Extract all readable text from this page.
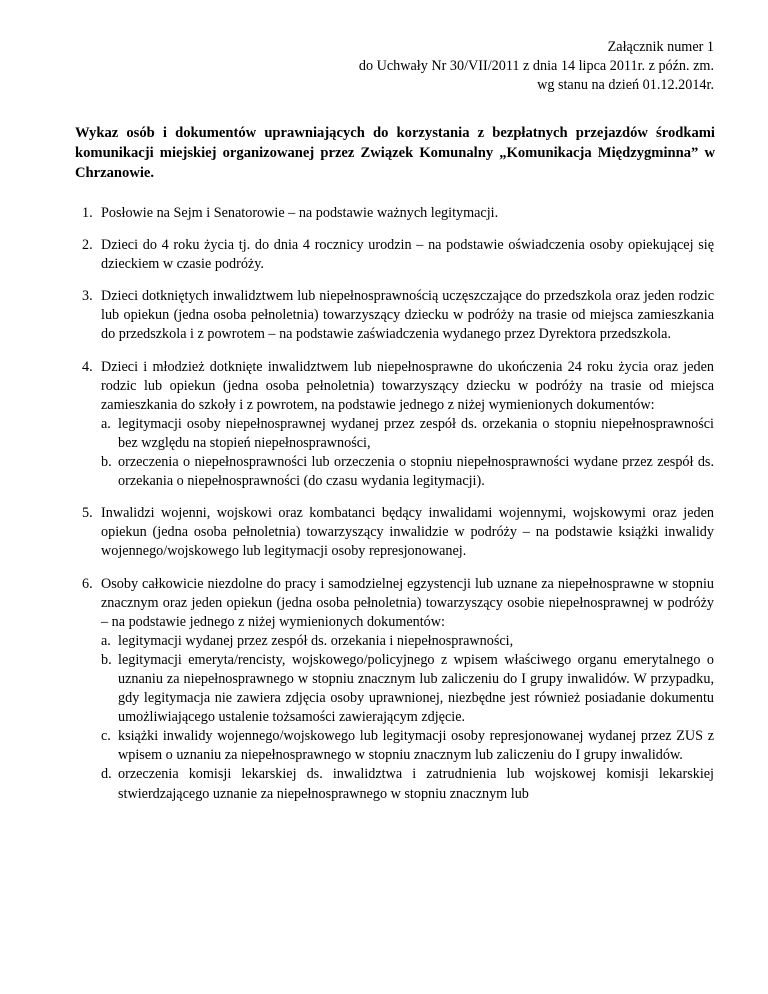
Załącznik numer 1
do Uchwały Nr 30/VII/2011 z dnia 14 lipca 2011r. z późn. zm.
wg stanu na dzień 01.12.2014r.
Wykaz osób i dokumentów uprawniających do korzystania z bezpłatnych przejazdów środkami komunikacji miejskiej organizowanej przez Związek Komunalny „Komunikacja Międzygminna” w Chrzanowie.
1. Posłowie na Sejm i Senatorowie – na podstawie ważnych legitymacji.
2. Dzieci do 4 roku życia tj. do dnia 4 rocznicy urodzin – na podstawie oświadczenia osoby opiekującej się dzieckiem w czasie podróży.
3. Dzieci dotkniętych inwalidztwem lub niepełnosprawnością uczęszczające do przedszkola oraz jeden rodzic lub opiekun (jedna osoba pełnoletnia) towarzyszący dziecku w podróży na trasie od miejsca zamieszkania do przedszkola i z powrotem – na podstawie zaświadczenia wydanego przez Dyrektora przedszkola.
4. Dzieci i młodzież dotknięte inwalidztwem lub niepełnosprawne do ukończenia 24 roku życia oraz jeden rodzic lub opiekun (jedna osoba pełnoletnia) towarzyszący dziecku w podróży na trasie od miejsca zamieszkania do szkoły i z powrotem, na podstawie jednego z niżej wymienionych dokumentów:
a. legitymacji osoby niepełnosprawnej wydanej przez zespół ds. orzekania o stopniu niepełnosprawności bez względu na stopień niepełnosprawności,
b. orzeczenia o niepełnosprawności lub orzeczenia o stopniu niepełnosprawności wydane przez zespół ds. orzekania o niepełnosprawności (do czasu wydania legitymacji).
5. Inwalidzi wojenni, wojskowi oraz kombatanci będący inwalidami wojennymi, wojskowymi oraz jeden opiekun (jedna osoba pełnoletnia) towarzyszący inwalidzie w podróży – na podstawie książki inwalidy wojennego/wojskowego lub legitymacji osoby represjonowanej.
6. Osoby całkowicie niezdolne do pracy i samodzielnej egzystencji lub uznane za niepełnosprawne w stopniu znacznym oraz jeden opiekun (jedna osoba pełnoletnia) towarzyszący osobie niepełnosprawnej w podróży – na podstawie jednego z niżej wymienionych dokumentów:
a. legitymacji wydanej przez zespół ds. orzekania i niepełnosprawności,
b. legitymacji emeryta/rencisty, wojskowego/policyjnego z wpisem właściwego organu emerytalnego o uznaniu za niepełnosprawnego w stopniu znacznym lub zaliczeniu do I grupy inwalidów. W przypadku, gdy legitymacja nie zawiera zdjęcia osoby uprawnionej, niezbędne jest również posiadanie dokumentu umożliwiającego ustalenie tożsamości zawierającym zdjęcie.
c. książki inwalidy wojennego/wojskowego lub legitymacji osoby represjonowanej wydanej przez ZUS z wpisem o uznaniu za niepełnosprawnego w stopniu znacznym lub zaliczeniu do I grupy inwalidów.
d. orzeczenia komisji lekarskiej ds. inwalidztwa i zatrudnienia lub wojskowej komisji lekarskiej stwierdzającego uznanie za niepełnosprawnego w stopniu znacznym lub
